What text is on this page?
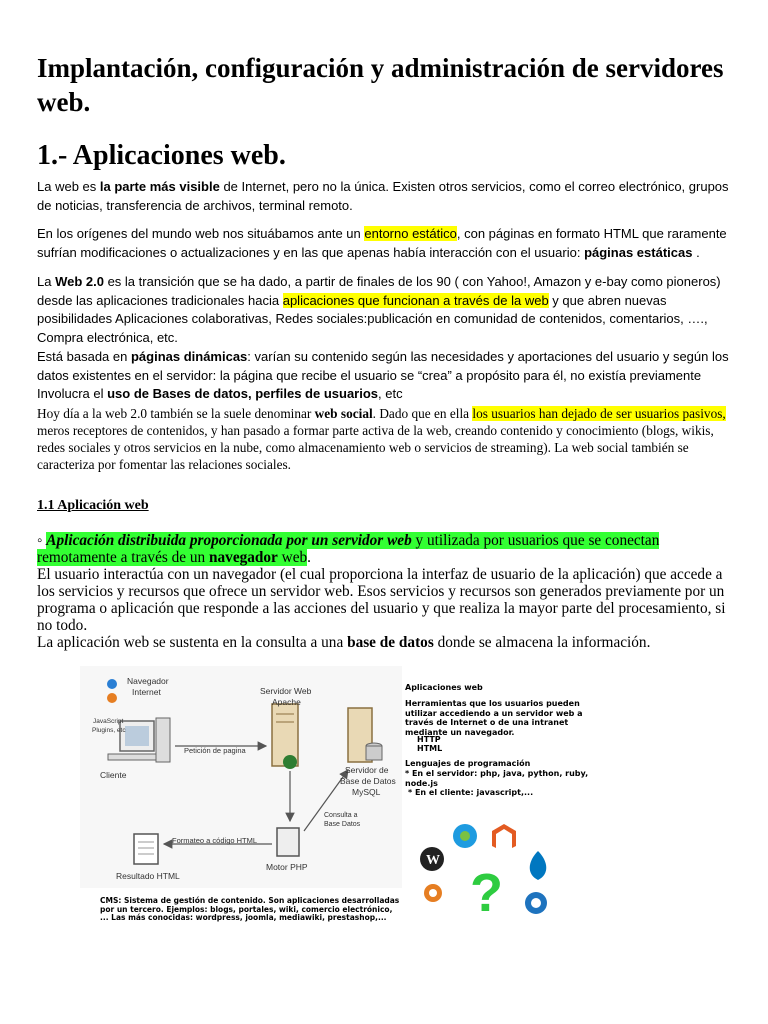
Implantación, configuración y administración de servidores web.
1.- Aplicaciones web.

La web es la parte más visible de Internet, pero no la única. Existen otros servicios, como el correo electrónico, grupos de noticias, transferencia de archivos, terminal remoto.

En los orígenes del mundo web nos situábamos ante un entorno estático, con páginas en formato HTML que raramente sufrían modificaciones o actualizaciones y en las que apenas había interacción con el usuario: páginas estáticas .

La Web 2.0 es la transición que se ha dado, a partir de finales de los 90 ( con Yahoo!, Amazon y e-bay como pioneros) desde las aplicaciones tradicionales hacia aplicaciones que funcionan a través de la web y que abren nuevas posibilidades Aplicaciones colaborativas, Redes sociales:publicación en comunidad de contenidos, comentarios, …., Compra electrónica, etc.

Está basada en páginas dinámicas: varían su contenido según las necesidades y aportaciones del usuario y según los datos existentes en el servidor: la página que recibe el usuario se “crea” a propósito para él, no existía previamente

Involucra el uso de Bases de datos, perfiles de usuarios, etc

Hoy día a la web 2.0 también se la suele denominar web social. Dado que en ella los usuarios han dejado de ser usuarios pasivos, meros receptores de contenidos, y han pasado a formar parte activa de la web, creando contenido y conocimiento (blogs, wikis, redes sociales y otros servicios en la nube, como almacenamiento web o servicios de streaming). La web social también se caracteriza por fomentar las relaciones sociales.

1.1 Aplicación web

◦ Aplicación distribuida proporcionada por un servidor web y utilizada por usuarios que se conectan remotamente a través de un navegador web.
El usuario interactúa con un navegador (el cual proporciona la interfaz de usuario de la aplicación) que accede a los servicios y recursos que ofrece un servidor web. Esos servicios y recursos son generados previamente por un programa o aplicación que responde a las acciones del usuario y que realiza la mayor parte del procesamiento, si no todo.
La aplicación web se sustenta en la consulta a una base de datos donde se almacena la información.

W
?
Navegador
Internet
JavaScript
Plugins, etc
Cliente
Petición de pagina
Servidor Web
Apache
Servidor de
Base de Datos
MySQL
Consulta a
Base Datos
Formateo a código HTML
Motor PHP
Resultado HTML
CMS: Sistema de gestión de contenido. Son aplicaciones desarrolladas por un tercero. Ejemplos: blogs, portales, wiki, comercio electrónico, ... Las más conocidas: wordpress, joomla, mediawiki, prestashop,...
Aplicaciones web
Herramientas que los usuarios pueden utilizar accediendo a un servidor web a través de Internet o de una intranet mediante un navegador.
HTTP
HTML
Lenguajes de programación
* En el servidor: php, java, python, ruby, node.js
* En el cliente: javascript,...
